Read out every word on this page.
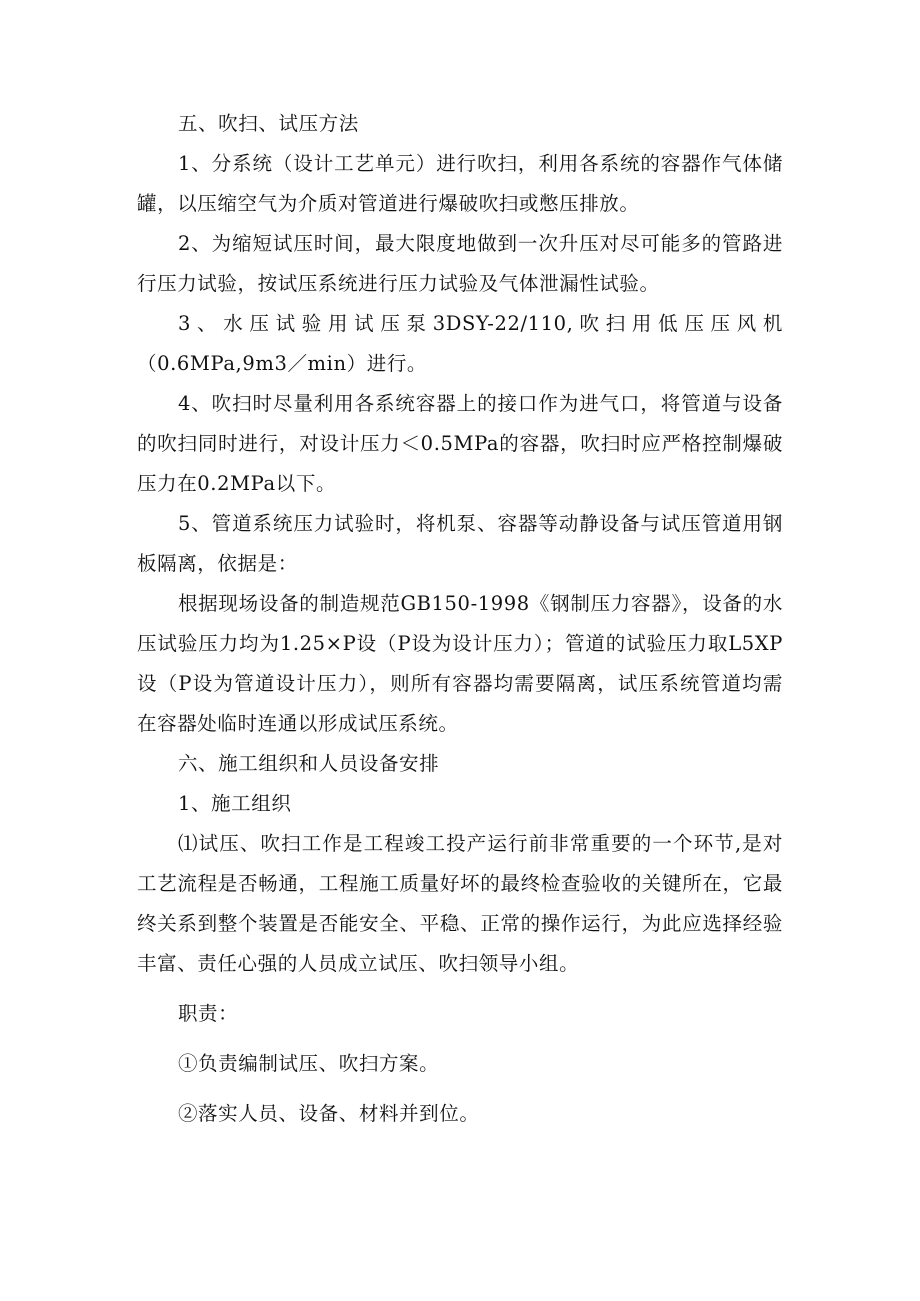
五、吹扫、试压方法

1、分系统（设计工艺单元）进行吹扫，利用各系统的容器作气体储罐，以压缩空气为介质对管道进行爆破吹扫或憋压排放。

2、为缩短试压时间，最大限度地做到一次升压对尽可能多的管路进行压力试验，按试压系统进行压力试验及气体泄漏性试验。

3、水压试验用试压泵3DSY-22/110,吹扫用低压压风机（0.6MPa,9m3／min）进行。

4、吹扫时尽量利用各系统容器上的接口作为进气口，将管道与设备的吹扫同时进行，对设计压力＜0.5MPa的容器，吹扫时应严格控制爆破压力在0.2MPa以下。

5、管道系统压力试验时，将机泵、容器等动静设备与试压管道用钢板隔离，依据是：

根据现场设备的制造规范GB150-1998《钢制压力容器》，设备的水压试验压力均为1.25×P设（P设为设计压力）；管道的试验压力取L5XP设（P设为管道设计压力），则所有容器均需要隔离，试压系统管道均需在容器处临时连通以形成试压系统。

六、施工组织和人员设备安排

1、施工组织

⑴试压、吹扫工作是工程竣工投产运行前非常重要的一个环节,是对工艺流程是否畅通，工程施工质量好坏的最终检查验收的关键所在，它最终关系到整个装置是否能安全、平稳、正常的操作运行，为此应选择经验丰富、责任心强的人员成立试压、吹扫领导小组。

职责：

①负责编制试压、吹扫方案。

②落实人员、设备、材料并到位。
